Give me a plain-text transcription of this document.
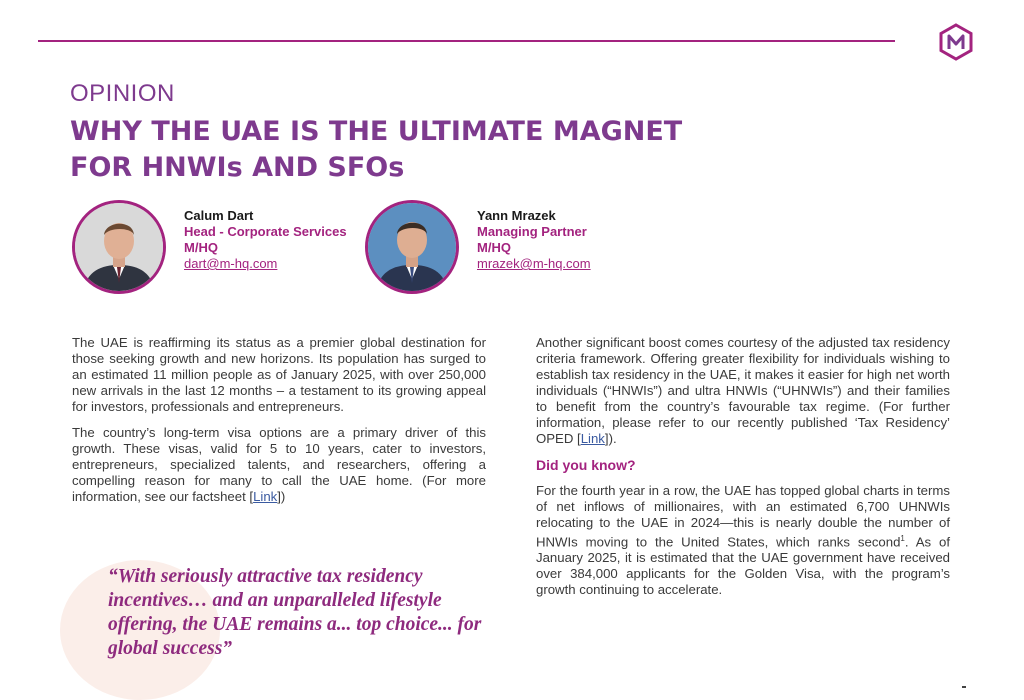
OPINION
WHY THE UAE IS THE ULTIMATE MAGNET
FOR HNWIs AND SFOs
Calum Dart
Head - Corporate Services
M/HQ
dart@m-hq.com
Yann Mrazek
Managing Partner
M/HQ
mrazek@m-hq.com

The UAE is reaffirming its status as a premier global destination for those seeking growth and new horizons. Its population has surged to an estimated 11 million people as of January 2025, with over 250,000 new arrivals in the last 12 months – a testament to its growing appeal for investors, professionals and entrepreneurs.

The country’s long-term visa options are a primary driver of this growth. These visas, valid for 5 to 10 years, cater to investors, entrepreneurs, specialized talents, and researchers, offering a compelling reason for many to call the UAE home. (For more information, see our factsheet [Link])

“With seriously attractive tax residency incentives… and an unparalleled lifestyle offering, the UAE remains a... top choice... for global success”

Another significant boost comes courtesy of the adjusted tax residency criteria framework. Offering greater flexibility for individuals wishing to establish tax residency in the UAE, it makes it easier for high net worth individuals (“HNWIs”) and ultra HNWIs (“UHNWIs”) and their families to benefit from the country’s favourable tax regime. (For further information, please refer to our recently published ‘Tax Residency’ OPED [Link]).

Did you know?

For the fourth year in a row, the UAE has topped global charts in terms of net inflows of millionaires, with an estimated 6,700 UHNWIs relocating to the UAE in 2024—this is nearly double the number of HNWIs moving to the United States, which ranks second$^1$. As of January 2025, it is estimated that the UAE government have received over 384,000 applicants for the Golden Visa, with the program’s growth continuing to accelerate.
